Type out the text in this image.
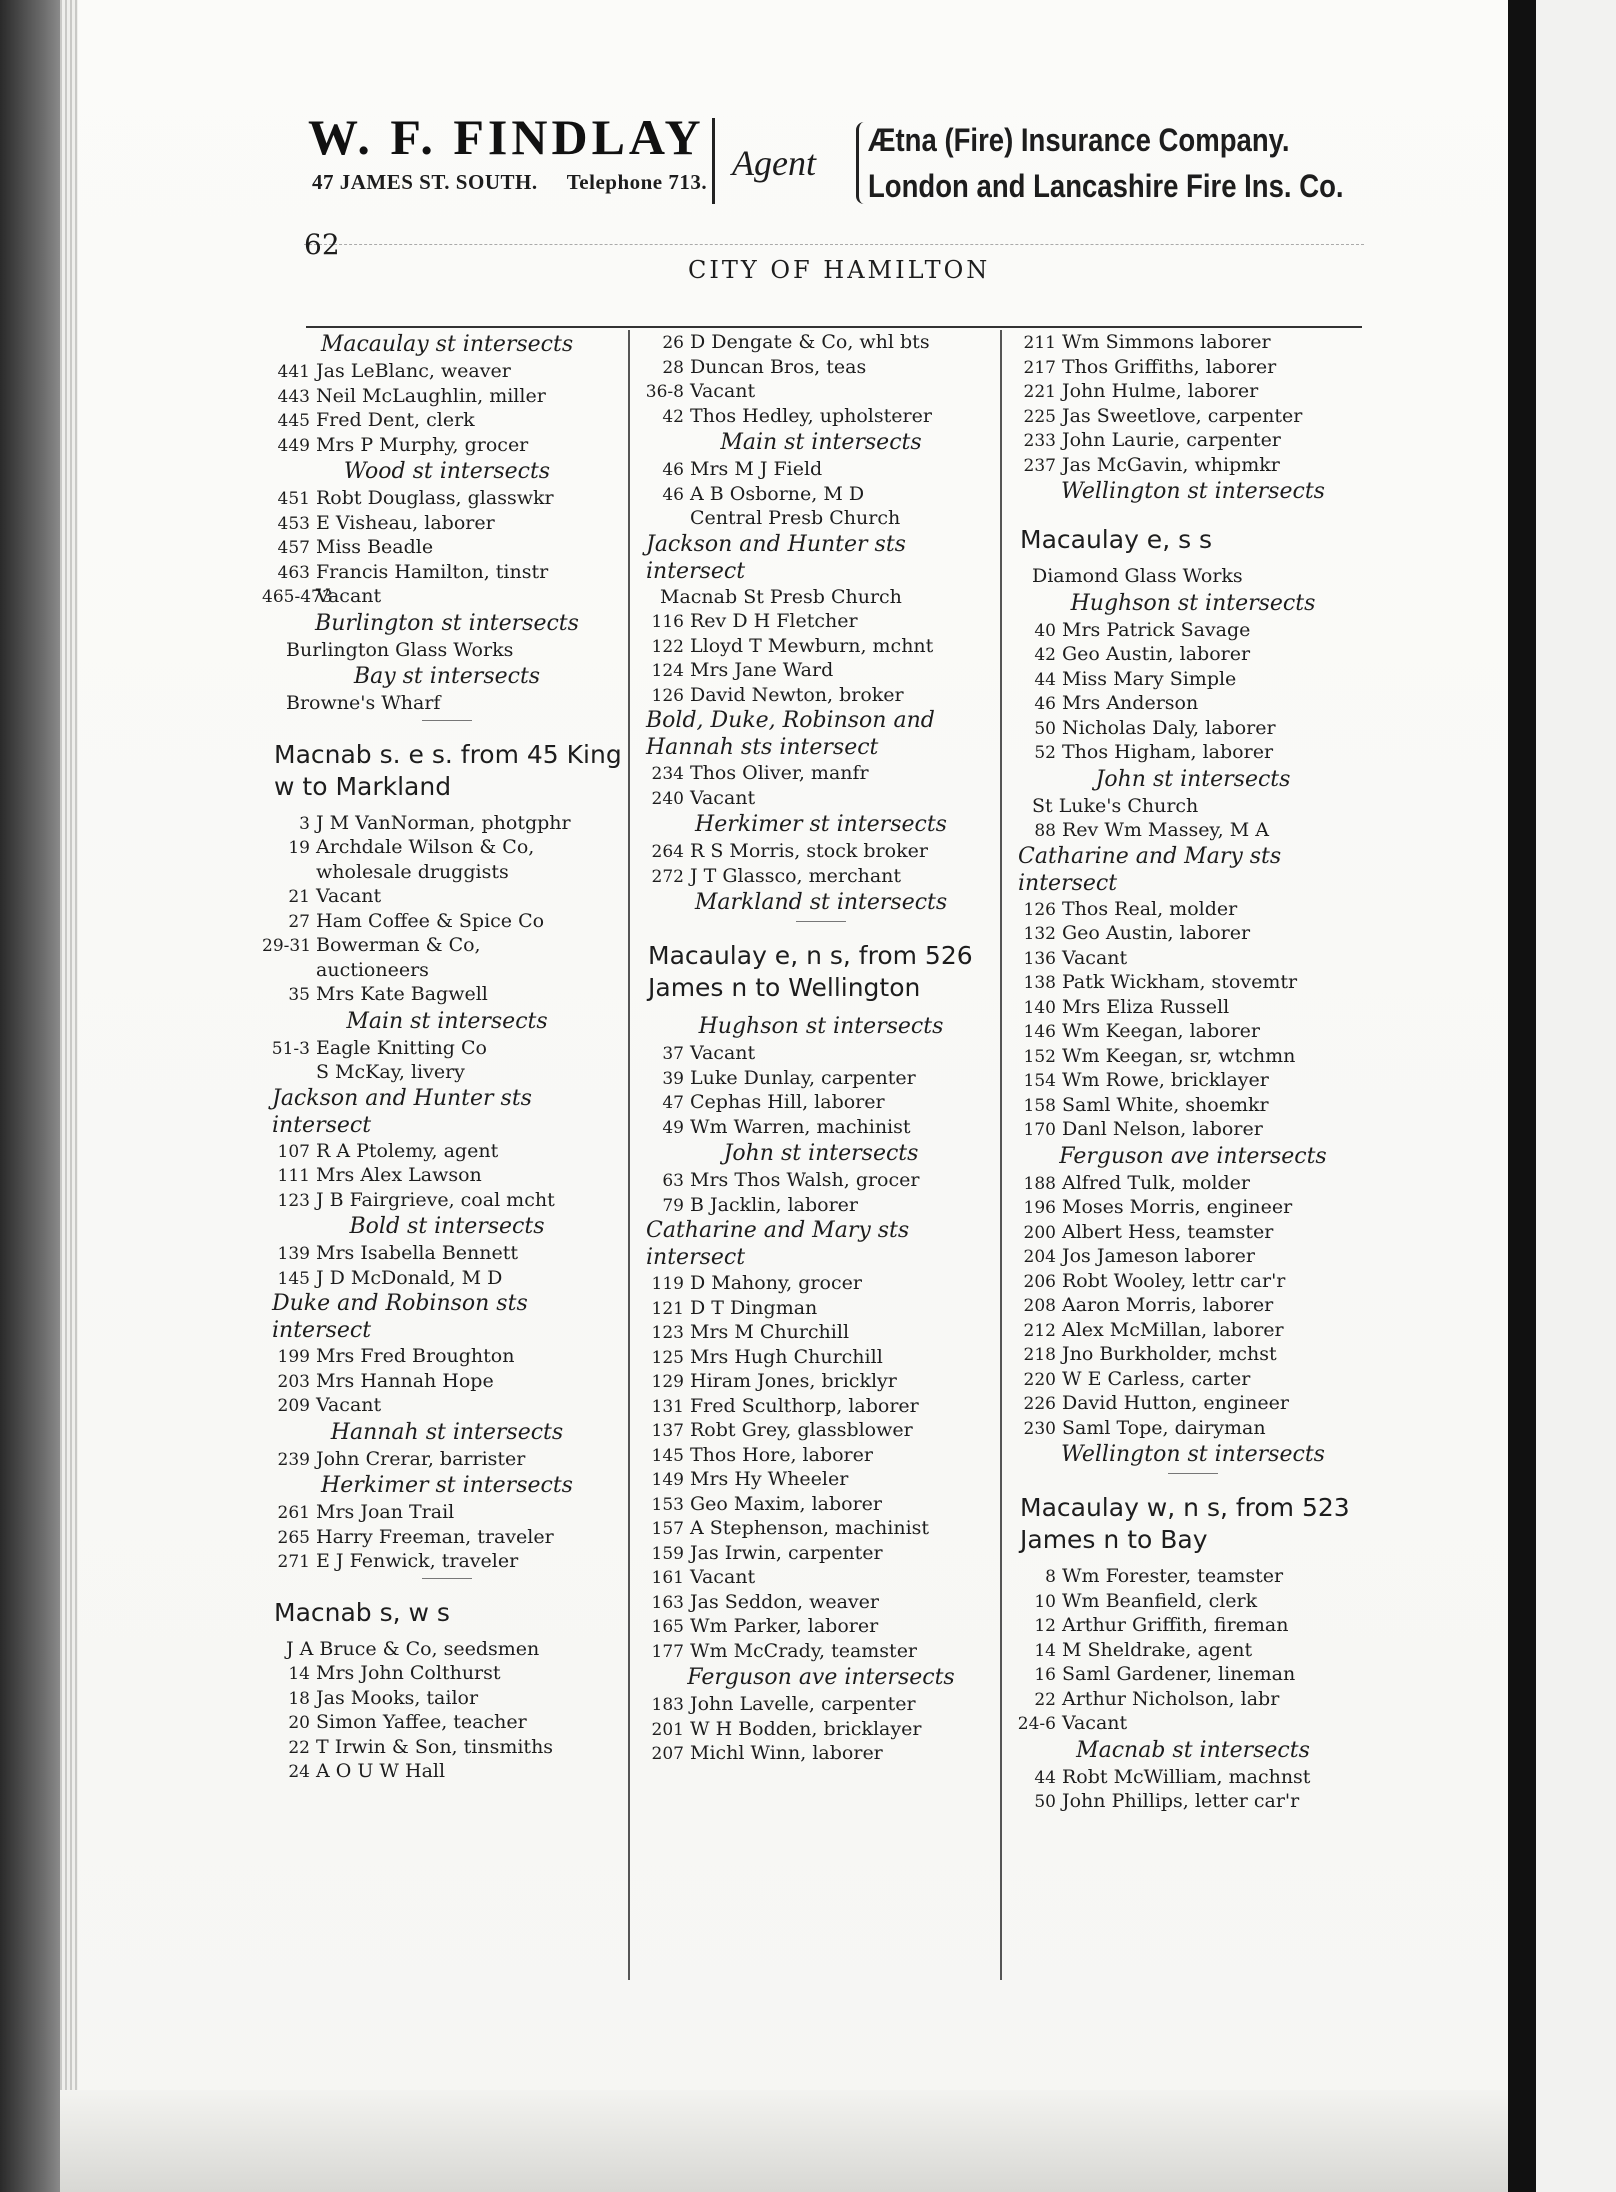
W. F. FINDLAY
47 JAMES ST. SOUTH. Telephone 713. Agent
Ætna (Fire) Insurance Company.
London and Lancashire Fire Ins. Co.
62
CITY OF HAMILTON
Macaulay st intersects
441 Jas LeBlanc, weaver
443 Neil McLaughlin, miller
445 Fred Dent, clerk
449 Mrs P Murphy, grocer
Wood st intersects
451 Robt Douglass, glasswkr
453 E Visheau, laborer
457 Miss Beadle
463 Francis Hamilton, tinstr
465-473Vacant
Burlington st intersects
Burlington Glass Works
Bay st intersects
Browne's Wharf
Macnab s. e s. from 45 King w to Markland
3 J M VanNorman, photgphr
19 Archdale Wilson & Co,
wholesale druggists
21 Vacant
27 Ham Coffee & Spice Co
29-31 Bowerman & Co,
auctioneers
35 Mrs Kate Bagwell
Main st intersects
51-3 Eagle Knitting Co
S McKay, livery
Jackson and Hunter sts intersect
107 R A Ptolemy, agent
111 Mrs Alex Lawson
123 J B Fairgrieve, coal mcht
Bold st intersects
139 Mrs Isabella Bennett
145 J D McDonald, M D
Duke and Robinson sts intersect
199 Mrs Fred Broughton
203 Mrs Hannah Hope
209 Vacant
Hannah st intersects
239 John Crerar, barrister
Herkimer st intersects
261 Mrs Joan Trail
265 Harry Freeman, traveler
271 E J Fenwick, traveler
Macnab s, w s
J A Bruce & Co, seedsmen
14 Mrs John Colthurst
18 Jas Mooks, tailor
20 Simon Yaffee, teacher
22 T Irwin & Son, tinsmiths
24 A O U W Hall
26 D Dengate & Co, whl bts
28 Duncan Bros, teas
36-8 Vacant
42 Thos Hedley, upholsterer
Main st intersects
46 Mrs M J Field
46 A B Osborne, M D
Central Presb Church
Jackson and Hunter sts intersect
Macnab St Presb Church
116 Rev D H Fletcher
122 Lloyd T Mewburn, mchnt
124 Mrs Jane Ward
126 David Newton, broker
Bold, Duke, Robinson and Hannah sts intersect
234 Thos Oliver, manfr
240 Vacant
Herkimer st intersects
264 R S Morris, stock broker
272 J T Glassco, merchant
Markland st intersects
Macaulay e, n s, from 526 James n to Wellington
Hughson st intersects
37 Vacant
39 Luke Dunlay, carpenter
47 Cephas Hill, laborer
49 Wm Warren, machinist
John st intersects
63 Mrs Thos Walsh, grocer
79 B Jacklin, laborer
Catharine and Mary sts intersect
119 D Mahony, grocer
121 D T Dingman
123 Mrs M Churchill
125 Mrs Hugh Churchill
129 Hiram Jones, bricklyr
131 Fred Sculthorp, laborer
137 Robt Grey, glassblower
145 Thos Hore, laborer
149 Mrs Hy Wheeler
153 Geo Maxim, laborer
157 A Stephenson, machinist
159 Jas Irwin, carpenter
161 Vacant
163 Jas Seddon, weaver
165 Wm Parker, laborer
177 Wm McCrady, teamster
Ferguson ave intersects
183 John Lavelle, carpenter
201 W H Bodden, bricklayer
207 Michl Winn, laborer
211 Wm Simmons laborer
217 Thos Griffiths, laborer
221 John Hulme, laborer
225 Jas Sweetlove, carpenter
233 John Laurie, carpenter
237 Jas McGavin, whipmkr
Wellington st intersects
Macaulay e, s s
Diamond Glass Works
Hughson st intersects
40 Mrs Patrick Savage
42 Geo Austin, laborer
44 Miss Mary Simple
46 Mrs Anderson
50 Nicholas Daly, laborer
52 Thos Higham, laborer
John st intersects
St Luke's Church
88 Rev Wm Massey, M A
Catharine and Mary sts intersect
126 Thos Real, molder
132 Geo Austin, laborer
136 Vacant
138 Patk Wickham, stovemtr
140 Mrs Eliza Russell
146 Wm Keegan, laborer
152 Wm Keegan, sr, wtchmn
154 Wm Rowe, bricklayer
158 Saml White, shoemkr
170 Danl Nelson, laborer
Ferguson ave intersects
188 Alfred Tulk, molder
196 Moses Morris, engineer
200 Albert Hess, teamster
204 Jos Jameson laborer
206 Robt Wooley, lettr car'r
208 Aaron Morris, laborer
212 Alex McMillan, laborer
218 Jno Burkholder, mchst
220 W E Carless, carter
226 David Hutton, engineer
230 Saml Tope, dairyman
Wellington st intersects
Macaulay w, n s, from 523 James n to Bay
8 Wm Forester, teamster
10 Wm Beanfield, clerk
12 Arthur Griffith, fireman
14 M Sheldrake, agent
16 Saml Gardener, lineman
22 Arthur Nicholson, labr
24-6 Vacant
Macnab st intersects
44 Robt McWilliam, machnst
50 John Phillips, letter car'r
